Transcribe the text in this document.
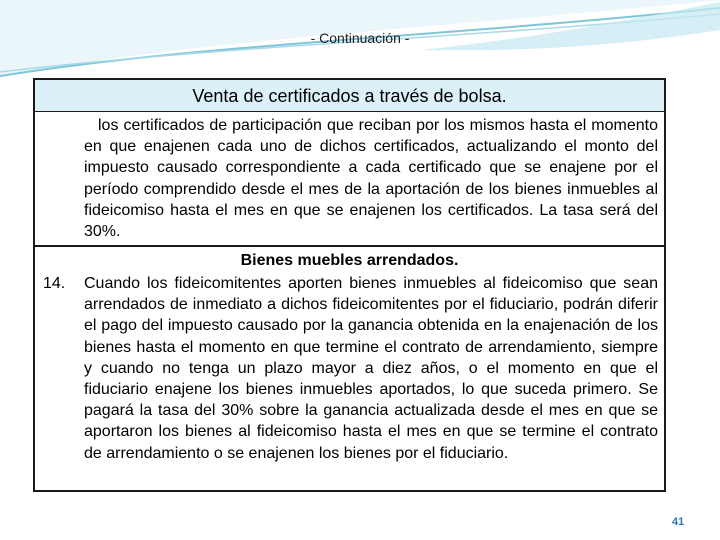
- Continuación -
Venta de certificados a través de bolsa.
los certificados de participación que reciban por los mismos hasta el momento en que enajenen cada uno de dichos certificados, actualizando el monto del impuesto causado correspondiente a cada certificado que se enajene por el período comprendido desde el mes de la aportación de los bienes inmuebles al fideicomiso hasta el mes en que se enajenen los certificados. La tasa será del 30%.
Bienes muebles arrendados.
14. Cuando los fideicomitentes aporten bienes inmuebles al fideicomiso que sean arrendados de inmediato a dichos fideicomitentes por el fiduciario, podrán diferir el pago del impuesto causado por la ganancia obtenida en la enajenación de los bienes hasta el momento en que termine el contrato de arrendamiento, siempre y cuando no tenga un plazo mayor a diez años, o el momento en que el fiduciario enajene los bienes inmuebles aportados, lo que suceda primero. Se pagará la tasa del 30% sobre la ganancia actualizada desde el mes en que se aportaron los bienes al fideicomiso hasta el mes en que se termine el contrato de arrendamiento o se enajenen los bienes por el fiduciario.
41
